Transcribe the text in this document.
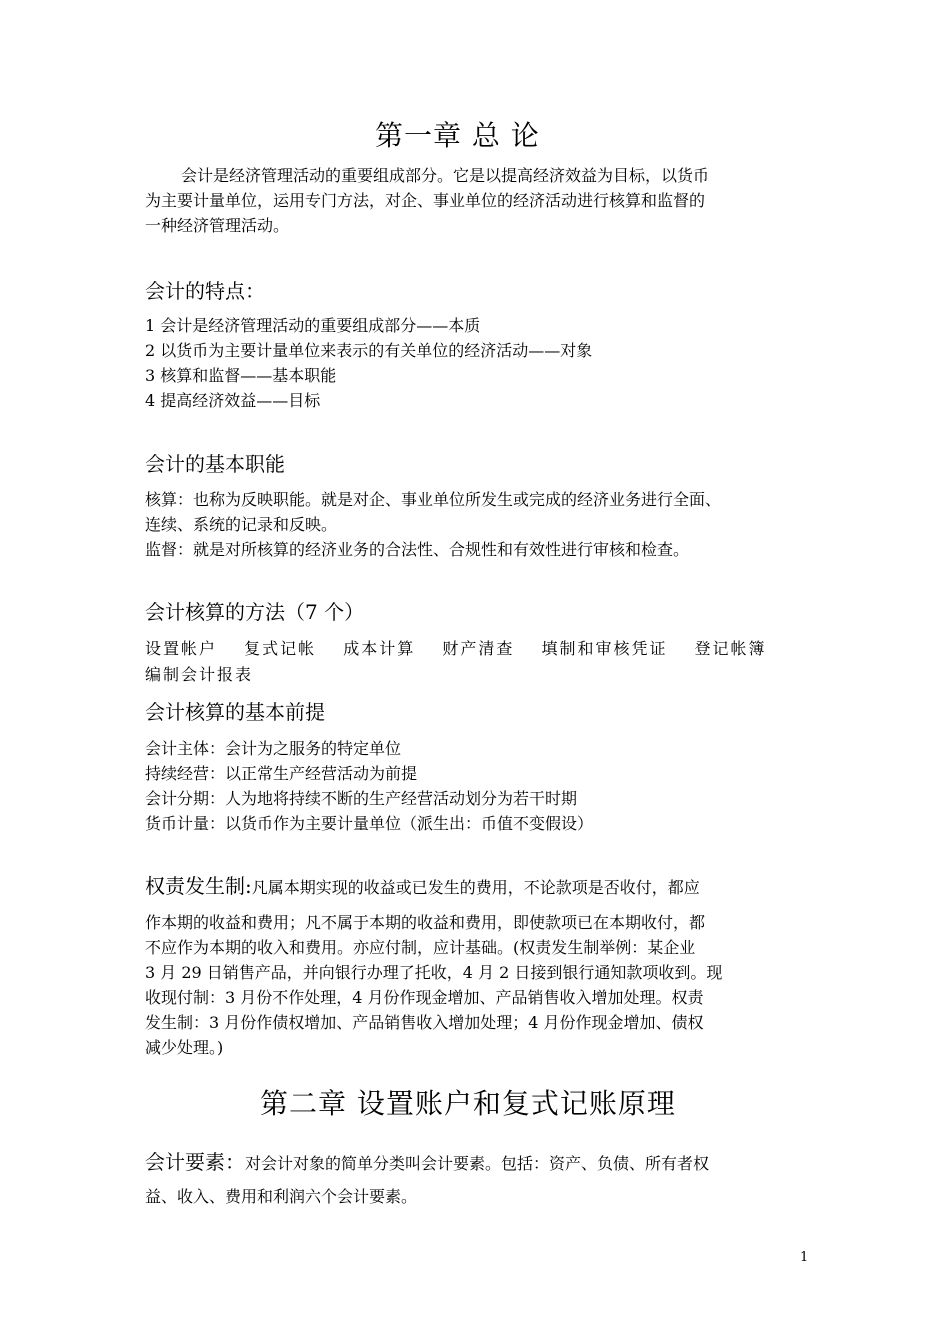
第一章 总 论
会计是经济管理活动的重要组成部分。它是以提高经济效益为目标，以货币
为主要计量单位，运用专门方法，对企、事业单位的经济活动进行核算和监督的
一种经济管理活动。
会计的特点：
1 会计是经济管理活动的重要组成部分——本质
2 以货币为主要计量单位来表示的有关单位的经济活动——对象
3 核算和监督——基本职能
4 提高经济效益——目标
会计的基本职能
核算：也称为反映职能。就是对企、事业单位所发生或完成的经济业务进行全面、
连续、系统的记录和反映。
监督：就是对所核算的经济业务的合法性、合规性和有效性进行审核和检查。
会计核算的方法（7 个）
设置帐户 复式记帐 成本计算 财产清查 填制和审核凭证 登记帐簿
编制会计报表
会计核算的基本前提
会计主体：会计为之服务的特定单位
持续经营：以正常生产经营活动为前提
会计分期：人为地将持续不断的生产经营活动划分为若干时期
货币计量：以货币作为主要计量单位（派生出：币值不变假设）
权责发生制:凡属本期实现的收益或已发生的费用，不论款项是否收付，都应
作本期的收益和费用；凡不属于本期的收益和费用，即使款项已在本期收付，都
不应作为本期的收入和费用。亦应付制，应计基础。(权责发生制举例：某企业
3 月 29 日销售产品，并向银行办理了托收，4 月 2 日接到银行通知款项收到。现
收现付制：3 月份不作处理，4 月份作现金增加、产品销售收入增加处理。权责
发生制：3 月份作债权增加、产品销售收入增加处理；4 月份作现金增加、债权
减少处理。)
第二章 设置账户和复式记账原理
会计要素：对会计对象的简单分类叫会计要素。包括：资产、负债、所有者权
益、收入、费用和利润六个会计要素。
1
